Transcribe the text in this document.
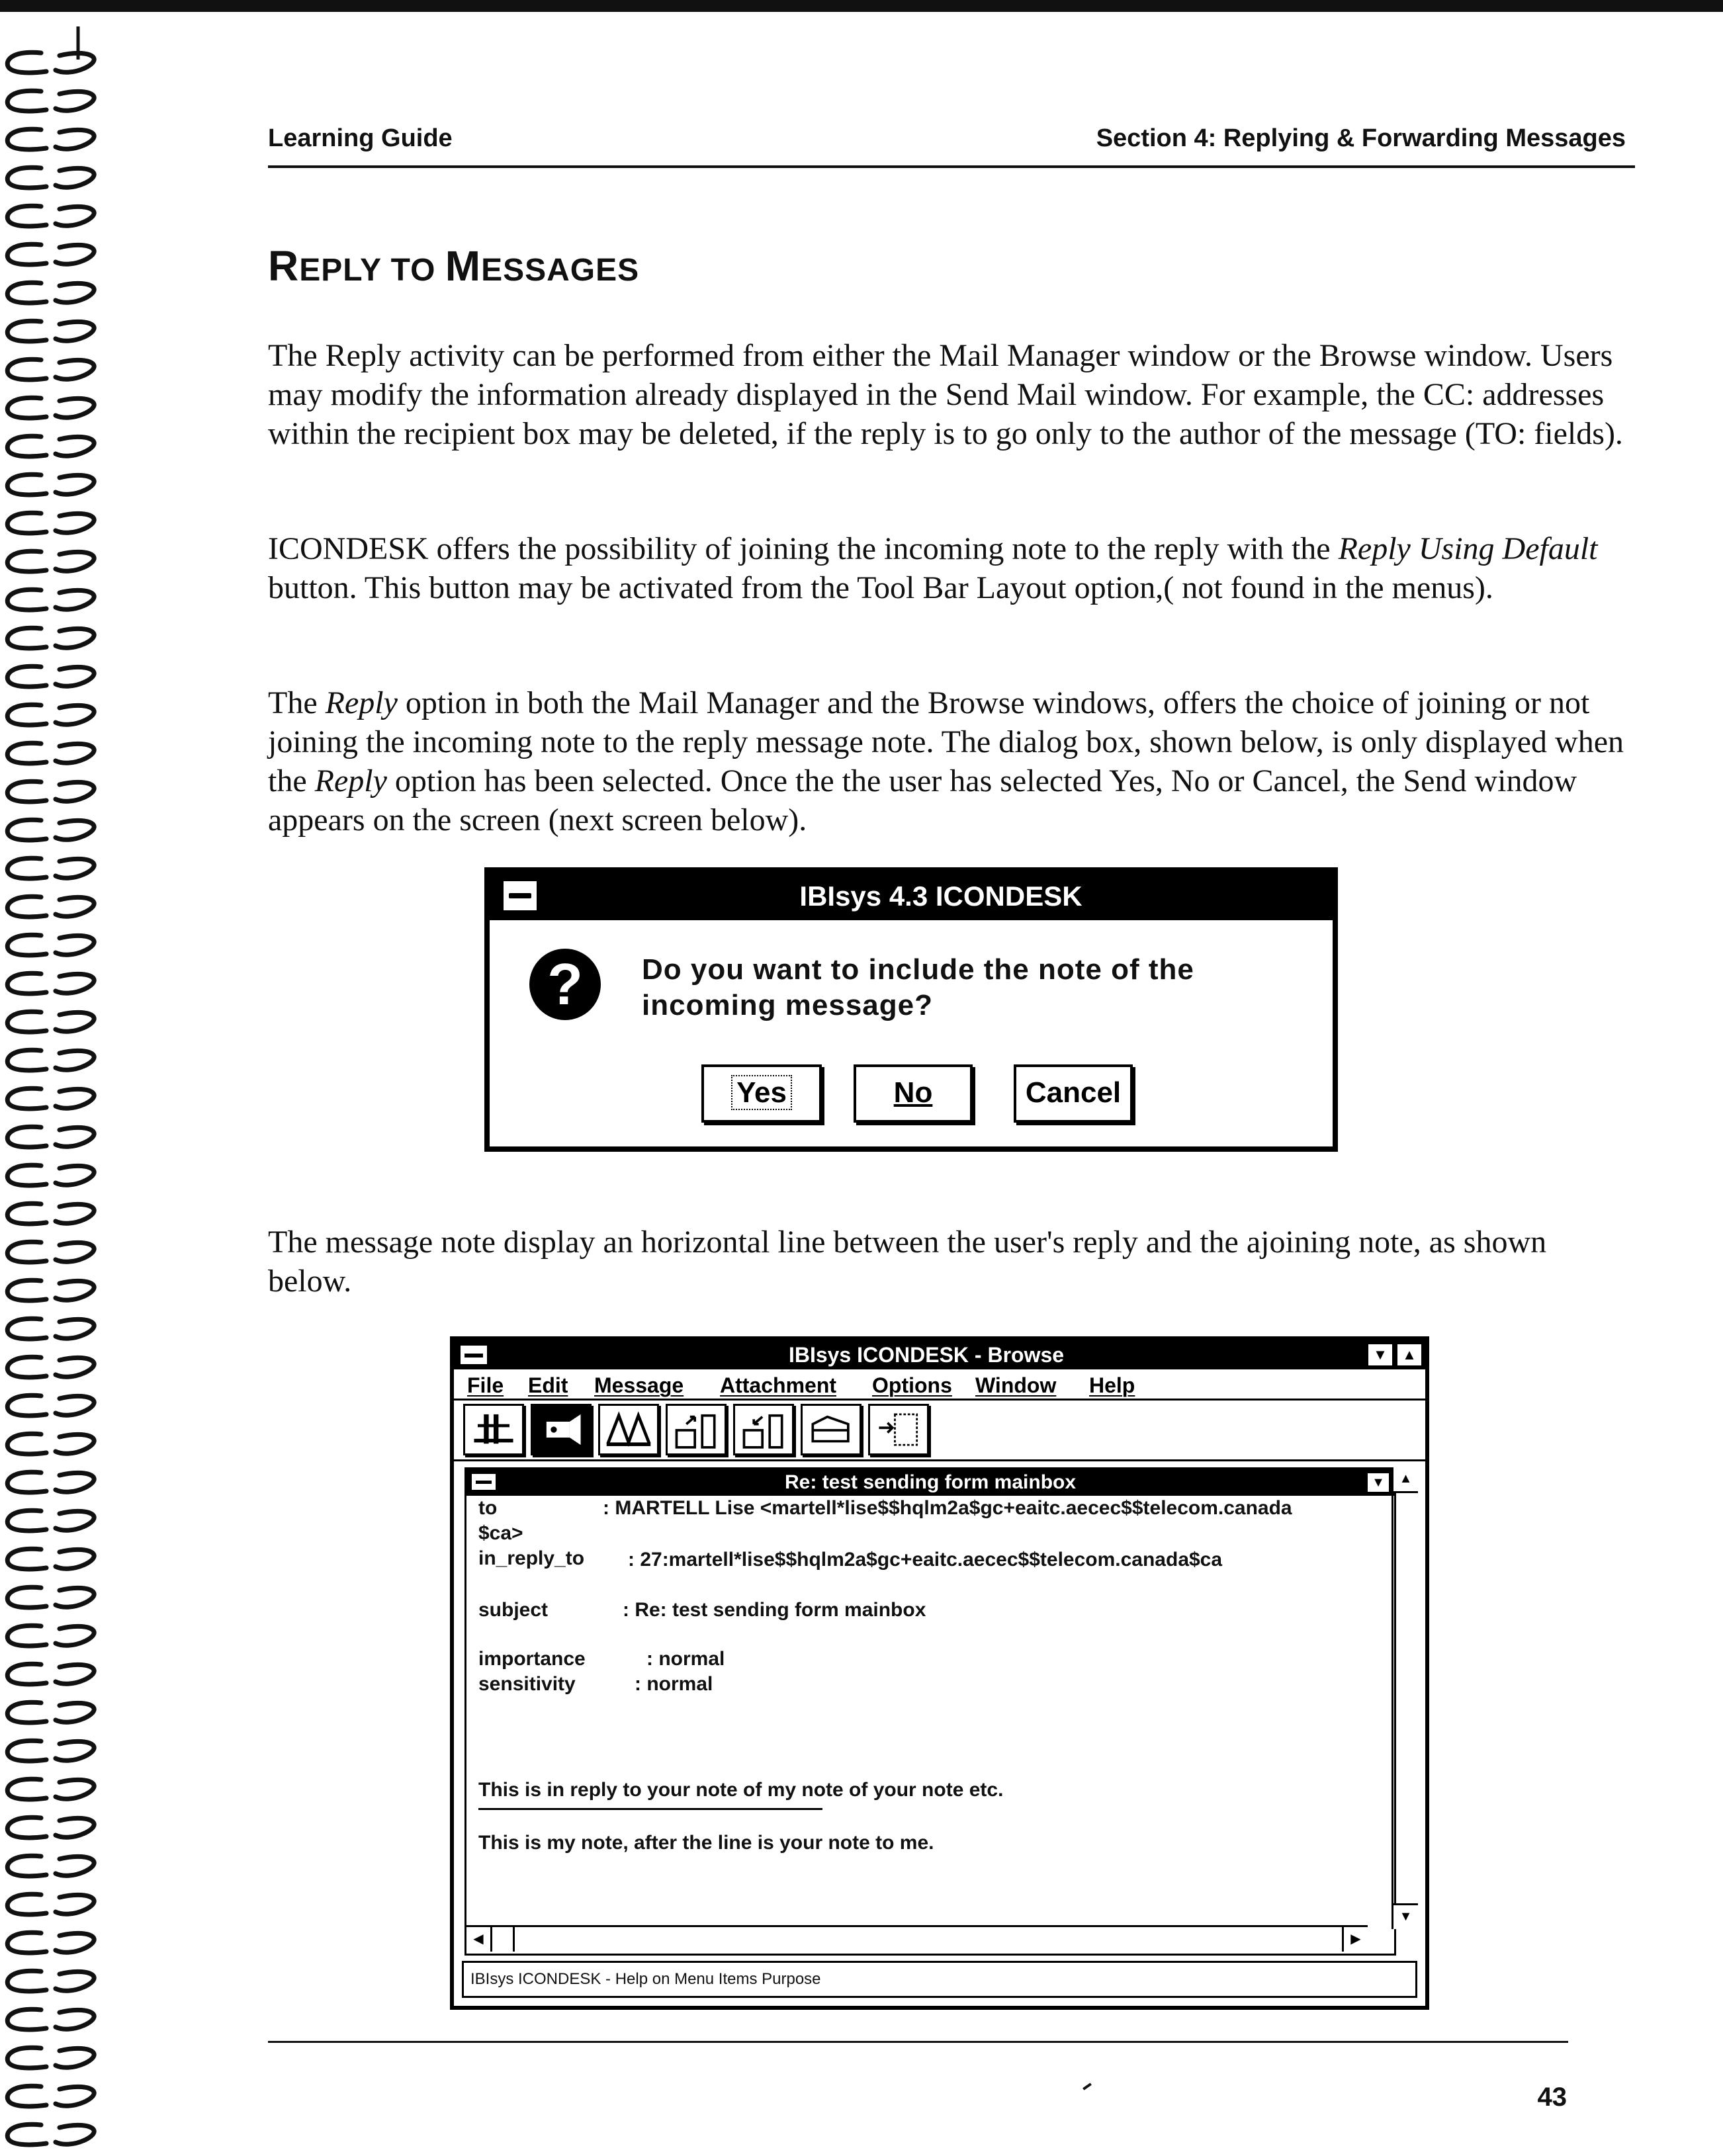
Learning Guide	Section 4: Replying & Forwarding Messages
REPLY TO MESSAGES
The Reply activity can be performed from either the Mail Manager window or the Browse window. Users may modify the information already displayed in the Send Mail window. For example, the CC: addresses within the recipient box may be deleted, if the reply is to go only to the author of the message (TO: fields).
ICONDESK offers the possibility of joining the incoming note to the reply with the Reply Using Default button. This button may be activated from the Tool Bar Layout option,( not found in the menus).
The Reply option in both the Mail Manager and the Browse windows, offers the choice of joining or not joining the incoming note to the reply message note. The dialog box, shown below, is only displayed when the Reply option has been selected. Once the the user has selected Yes, No or Cancel, the Send window appears on the screen (next screen below).
IBIsys 4.3 ICONDESK
?	Do you want to include the note of the incoming message?
Yes	No	Cancel
The message note display an horizontal line between the user's reply and the ajoining note, as shown below.
IBIsys ICONDESK - Browse	▼	▲
File Edit Message Attachment Options Window Help
Re: test sending form mainbox	▼
to	: MARTELL Lise <martell*lise$$hqlm2a$gc+eaitc.aecec$$telecom.canada
$ca>
in_reply_to : 27:martell*lise$$hqlm2a$gc+eaitc.aecec$$telecom.canada$ca
subject	: Re: test sending form mainbox
importance	: normal
sensitivity	: normal
This is in reply to your note of my note of your note etc.
This is my note, after the line is your note to me.
◀	▶
▲
▼
IBIsys ICONDESK - Help on Menu Items Purpose
43
